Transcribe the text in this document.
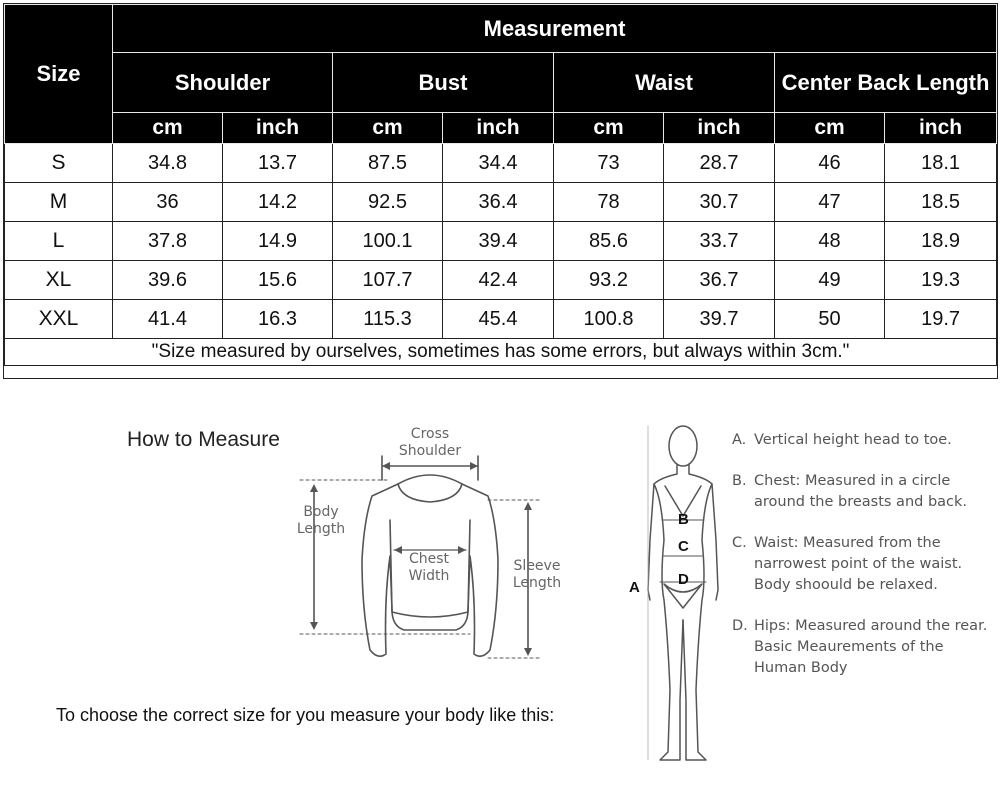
Size	Measurement							
	Shoulder		Bust		Waist		Center Back Length	
	cm	inch	cm	inch	cm	inch	cm	inch
S	34.8	13.7	87.5	34.4	73	28.7	46	18.1
M	36	14.2	92.5	36.4	78	30.7	47	18.5
L	37.8	14.9	100.1	39.4	85.6	33.7	48	18.9
XL	39.6	15.6	107.7	42.4	93.2	36.7	49	19.3
XXL	41.4	16.3	115.3	45.4	100.8	39.7	50	19.7
"Size measured by ourselves, sometimes has some errors, but always within 3cm."								
How to Measure
To choose the correct size for you measure your body like this:
Cross
Shoulder
Body
Length
Chest
Width
Sleeve
Length	A
B
C
D
A. Vertical height head to toe.
B. Chest: Measured in a circle around the breasts and back.
C. Waist: Measured from the narrowest point of the waist. Body shoould be relaxed.
D. Hips: Measured around the rear. Basic Meaurements of the Human Body
